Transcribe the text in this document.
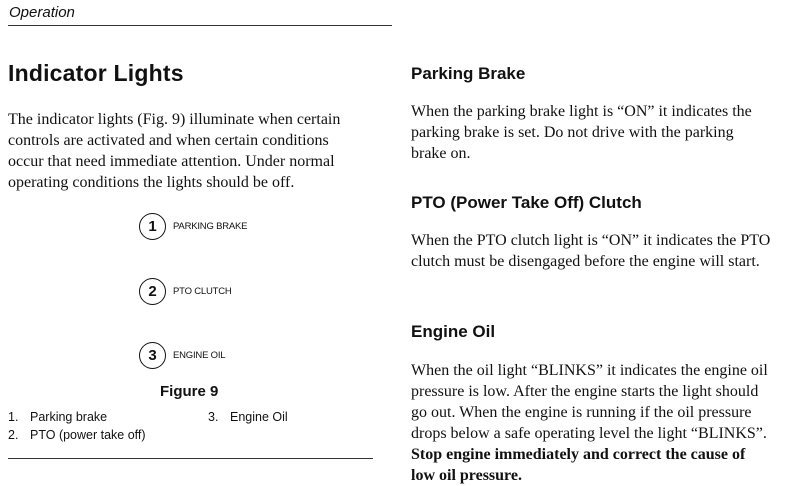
Operation
Indicator Lights

The indicator lights (Fig. 9) illuminate when certain controls are activated and when certain conditions occur that need immediate attention. Under normal operating conditions the lights should be off.

1	PARKING BRAKE
2	PTO CLUTCH
3	ENGINE OIL
Figure 9
1. Parking brake
2. PTO (power take off)
3. Engine Oil
Parking Brake

When the parking brake light is “ON” it indicates the parking brake is set. Do not drive with the parking brake on.

PTO (Power Take Off) Clutch

When the PTO clutch light is “ON” it indicates the PTO clutch must be disengaged before the engine will start.

Engine Oil

When the oil light “BLINKS” it indicates the engine oil pressure is low. After the engine starts the light should go out. When the engine is running if the oil pressure drops below a safe operating level the light “BLINKS”. Stop engine immediately and correct the cause of low oil pressure.
